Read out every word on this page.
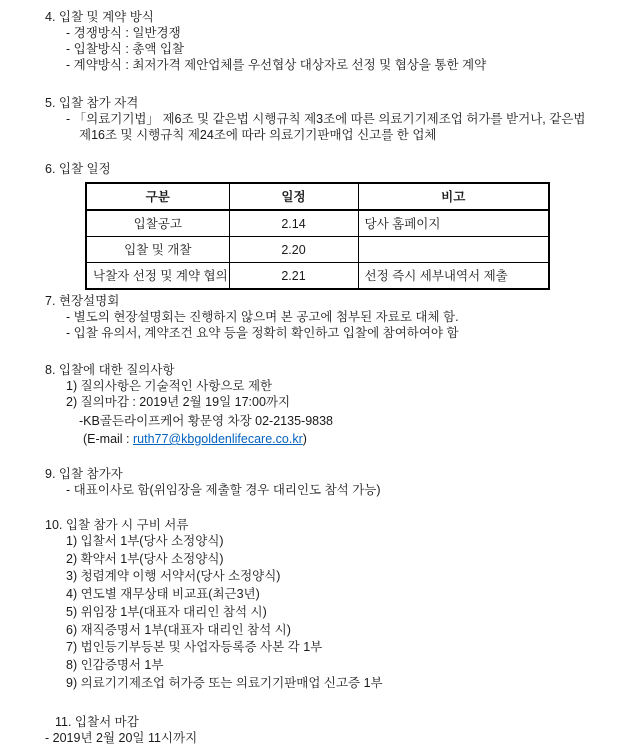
4. 입찰 및 계약 방식
- 경쟁방식 : 일반경쟁
- 입찰방식 : 총액 입찰
- 계약방식 : 최저가격 제안업체를 우선협상 대상자로 선정 및 협상을 통한 계약
5. 입찰 참가 자격
- 「의료기기법」 제6조 및 같은법 시행규칙 제3조에 따른 의료기기제조업 허가를 받거나, 같은법
제16조 및 시행규칙 제24조에 따라 의료기기판매업 신고를 한 업체
6. 입찰 일정
구분	일정	비고
입찰공고	2.14	당사 홈페이지
입찰 및 개찰	2.20	
낙찰자 선정 및 계약 협의	2.21	선정 즉시 세부내역서 제출
7. 현장설명회
- 별도의 현장설명회는 진행하지 않으며 본 공고에 첨부된 자료로 대체 함.
- 입찰 유의서, 계약조건 요약 등을 정확히 확인하고 입찰에 참여하여야 함
8. 입찰에 대한 질의사항
1) 질의사항은 기술적인 사항으로 제한
2) 질의마감 : 2019년 2월 19일 17:00까지
-KB골든라이프케어 황문영 차장 02-2135-9838
(E-mail : ruth77@kbgoldenlifecare.co.kr)
9. 입찰 참가자
- 대표이사로 함(위임장을 제출할 경우 대리인도 참석 가능)
10. 입찰 참가 시 구비 서류
1) 입찰서 1부(당사 소정양식)
2) 확약서 1부(당사 소정양식)
3) 청렴계약 이행 서약서(당사 소정양식)
4) 연도별 재무상태 비교표(최근3년)
5) 위임장 1부(대표자 대리인 참석 시)
6) 재직증명서 1부(대표자 대리인 참석 시)
7) 법인등기부등본 및 사업자등록증 사본 각 1부
8) 인감증명서 1부
9) 의료기기제조업 허가증 또는 의료기기판매업 신고증 1부
11. 입찰서 마감
- 2019년 2월 20일 11시까지
